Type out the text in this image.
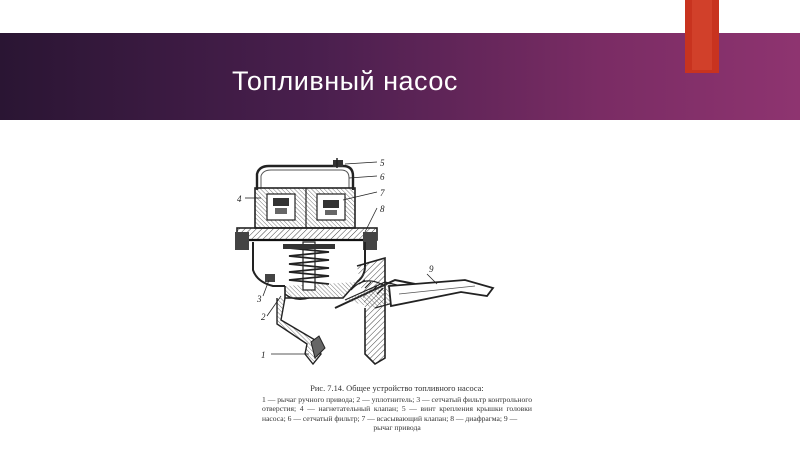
Топливный насос
5
6
7
8
4
3
2
1
9
Рис. 7.14. Общее устройство топливного насоса:
1 — рычаг ручного привода; 2 — уплотнитель; 3 — сетчатый фильтр контрольного отверстия; 4 — нагнетательный клапан; 5 — винт крепления крышки головки насоса; 6 — сетчатый фильтр; 7 — всасывающий клапан; 8 — диафрагма; 9 —
рычаг привода
